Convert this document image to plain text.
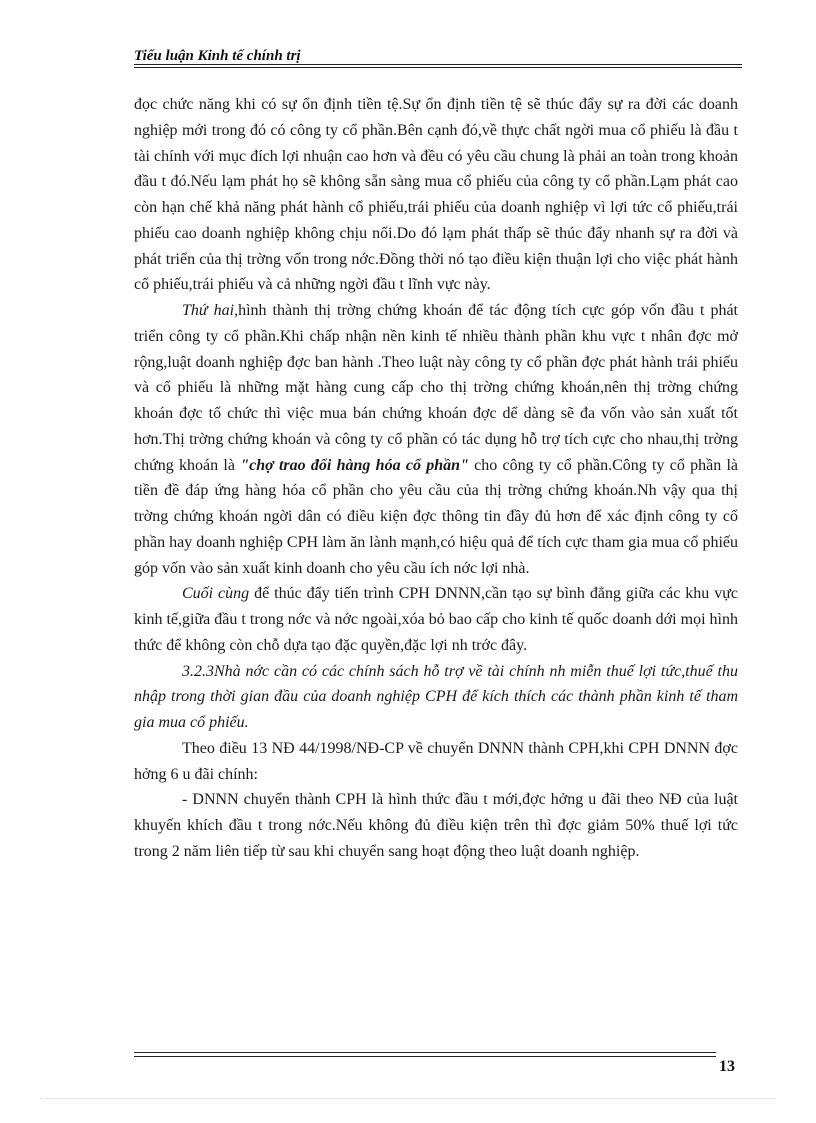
Tiểu luận Kinh tế chính trị

đọc chức năng khi có sự ổn định tiền tệ.Sự ổn định tiền tệ sẽ thúc đẩy sự ra đời các doanh nghiệp mới trong đó có công ty cổ phần.Bên cạnh đó,về thực chất ngời mua cổ phiếu là đầu t tài chính với mục đích lợi nhuận cao hơn và đều có yêu cầu chung là phải an toàn trong khoản đầu t đó.Nếu lạm phát họ sẽ không sẵn sàng mua cổ phiếu của công ty cổ phần.Lạm phát cao còn hạn chế khả năng phát hành cổ phiếu,trái phiếu của doanh nghiệp vì lợi tức cổ phiếu,trái phiếu cao doanh nghiệp không chịu nổi.Do đó lạm phát thấp sẽ thúc đẩy nhanh sự ra đời và phát triển của thị trờng vốn trong nớc.Đồng thời nó tạo điều kiện thuận lợi cho việc phát hành cổ phiếu,trái phiếu và cả những ngời đầu t lĩnh vực này.

Thứ hai,hình thành thị trờng chứng khoán để tác động tích cực góp vốn đầu t phát triển công ty cổ phần.Khi chấp nhận nền kinh tế nhiều thành phần khu vực t nhân đợc mở rộng,luật doanh nghiệp đợc ban hành .Theo luật này công ty cổ phần đợc phát hành trái phiếu và cổ phiếu là những mặt hàng cung cấp cho thị trờng chứng khoán,nên thị trờng chứng khoán đợc tổ chức thì việc mua bán chứng khoán đợc dể dàng sẽ đa vốn vào sản xuất tốt hơn.Thị trờng chứng khoán và công ty cổ phần có tác dụng hỗ trợ tích cực cho nhau,thị trờng chứng khoán là "chợ trao đổi hàng hóa cổ phần" cho công ty cổ phần.Công ty cổ phần là tiền đề đáp ứng hàng hóa cổ phần cho yêu cầu của thị trờng chứng khoán.Nh vậy qua thị trờng chứng khoán ngời dân có điều kiện đợc thông tin đầy đủ hơn để xác định công ty cổ phần hay doanh nghiệp CPH làm ăn lành mạnh,có hiệu quả để tích cực tham gia mua cổ phiếu góp vốn vào sản xuất kinh doanh cho yêu cầu ích nớc lợi nhà.

Cuối cùng để thúc đẩy tiến trình CPH DNNN,cần tạo sự bình đẳng giữa các khu vực kinh tế,giữa đầu t trong nớc và nớc ngoài,xóa bỏ bao cấp cho kinh tế quốc doanh dới mọi hình thức để không còn chỗ dựa tạo đặc quyền,đặc lợi nh trớc đây.

3.2.3Nhà nớc cần có các chính sách hỗ trợ về tài chính nh miễn thuế lợi tức,thuế thu nhập trong thời gian đầu của doanh nghiệp CPH để kích thích các thành phần kinh tế tham gia mua cổ phiếu.

Theo điều 13 NĐ 44/1998/NĐ-CP về chuyển DNNN thành CPH,khi CPH DNNN đợc hởng 6 u đãi chính:

- DNNN chuyển thành CPH là hình thức đầu t mới,đợc hởng u đãi theo NĐ của luật khuyến khích đầu t trong nớc.Nếu không đủ điều kiện trên thì đợc giảm 50% thuế lợi tức trong 2 năm liên tiếp từ sau khi chuyển sang hoạt động theo luật doanh nghiệp.

13
